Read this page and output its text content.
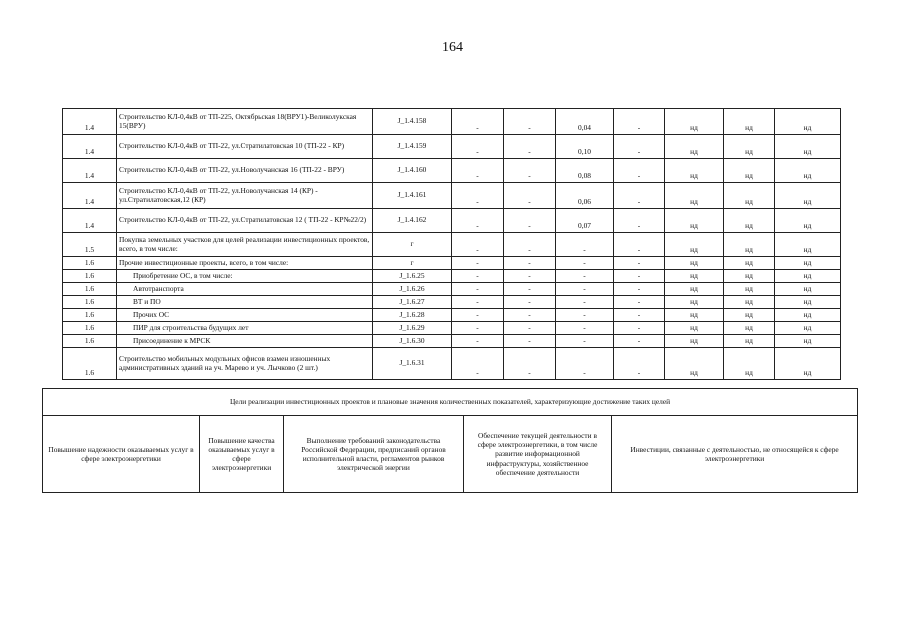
164
1.4	Строительство КЛ-0,4кВ от ТП-225, Октябрьская 18(ВРУ1)-Великолукская 15(ВРУ)	J_1.4.158	-	-	0,04	-	нд	нд	нд
1.4	Строительство КЛ-0,4кВ от ТП-22, ул.Стратилатовская 10 (ТП-22 - КР)	J_1.4.159	-	-	0,10	-	нд	нд	нд
1.4	Строительство КЛ-0,4кВ от ТП-22, ул.Новолучанская 16 (ТП-22 - ВРУ)	J_1.4.160	-	-	0,08	-	нд	нд	нд
1.4	Строительство КЛ-0,4кВ от ТП-22, ул.Новолучанская 14 (КР) - ул.Стратилатовская,12 (КР)	J_1.4.161	-	-	0,06	-	нд	нд	нд
1.4	Строительство КЛ-0,4кВ от ТП-22, ул.Стратилатовская 12 ( ТП-22 - КР№22/2)	J_1.4.162	-	-	0,07	-	нд	нд	нд
1.5	Покупка земельных участков для целей реализации инвестиционных проектов, всего, в том числе:	г	-	-	-	-	нд	нд	нд
1.6	Прочие инвестиционные проекты, всего, в том числе:	г	-	-	-	-	нд	нд	нд
1.6	Приобретение ОС, в том числе:	J_1.6.25	-	-	-	-	нд	нд	нд
1.6	Автотранспорта	J_1.6.26	-	-	-	-	нд	нд	нд
1.6	ВТ и ПО	J_1.6.27	-	-	-	-	нд	нд	нд
1.6	Прочих ОС	J_1.6.28	-	-	-	-	нд	нд	нд
1.6	ПИР для строительства будущих лет	J_1.6.29	-	-	-	-	нд	нд	нд
1.6	Присоединение к МРСК	J_1.6.30	-	-	-	-	нд	нд	нд
1.6	Строительство мобильных модульных офисов взамен изношенных административных зданий на уч. Марево и уч. Лычково (2 шт.)	J_1.6.31	-	-	-	-	нд	нд	нд
Цели реализации инвестиционных проектов и плановые значения количественных показателей, характеризующие достижение таких целей
Повышение надежности оказываемых услуг в сфере электроэнергетики	Повышение качества оказываемых услуг в сфере электроэнергетики	Выполнение требований законодательства Российской Федерации, предписаний органов исполнительной власти, регламентов рынков электрической энергии	Обеспечение текущей деятельности в сфере электроэнергетики, в том числе развитие информационной инфраструктуры, хозяйственное обеспечение деятельности	Инвестиции, связанные с деятельностью, не относящейся к сфере электроэнергетики
